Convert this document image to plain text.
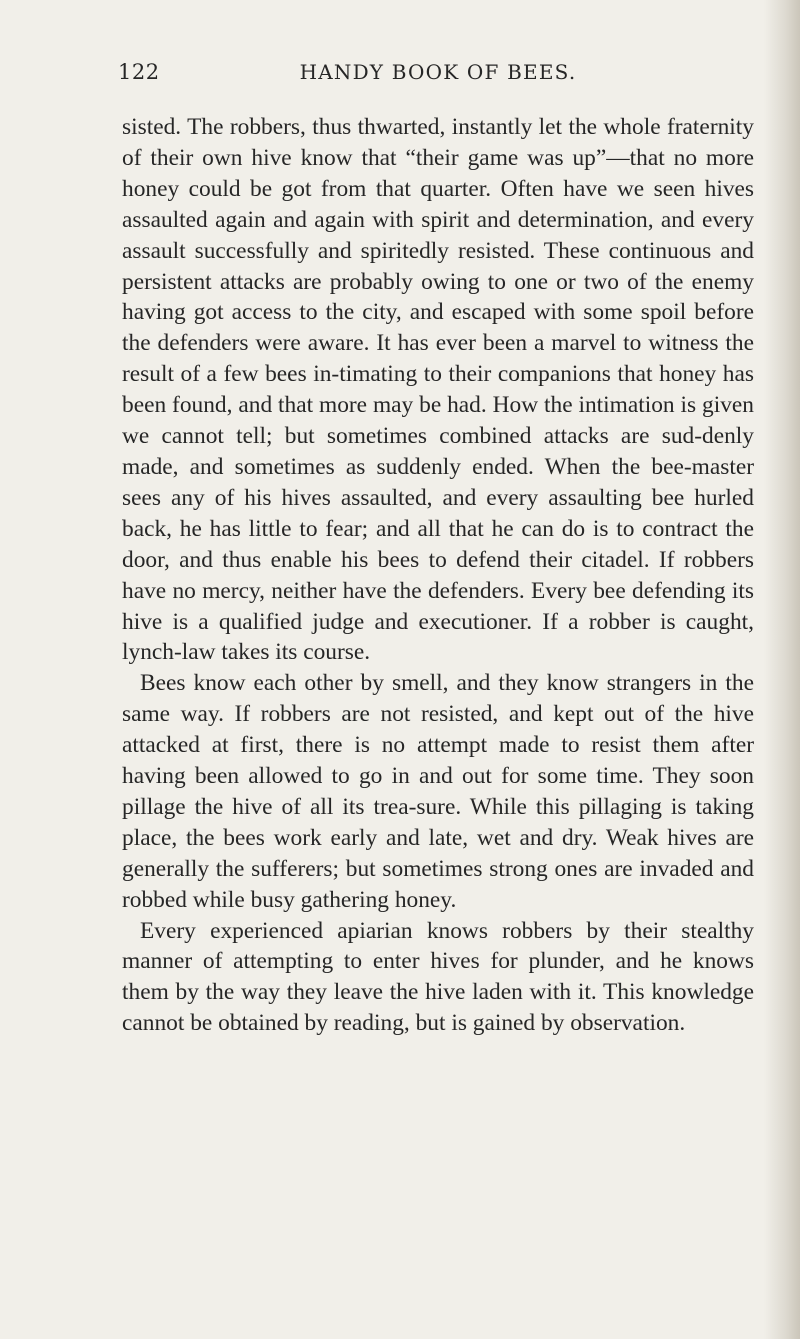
122	HANDY BOOK OF BEES.

sisted. The robbers, thus thwarted, instantly let the whole fraternity of their own hive know that “their game was up”—that no more honey could be got from that quarter. Often have we seen hives assaulted again and again with spirit and determination, and every assault successfully and spiritedly resisted. These continuous and persistent attacks are probably owing to one or two of the enemy having got access to the city, and escaped with some spoil before the defenders were aware. It has ever been a marvel to witness the result of a few bees in-timating to their companions that honey has been found, and that more may be had. How the intimation is given we cannot tell; but sometimes combined attacks are sud-denly made, and sometimes as suddenly ended. When the bee-master sees any of his hives assaulted, and every assaulting bee hurled back, he has little to fear; and all that he can do is to contract the door, and thus enable his bees to defend their citadel. If robbers have no mercy, neither have the defenders. Every bee defending its hive is a qualified judge and executioner. If a robber is caught, lynch-law takes its course.

Bees know each other by smell, and they know strangers in the same way. If robbers are not resisted, and kept out of the hive attacked at first, there is no attempt made to resist them after having been allowed to go in and out for some time. They soon pillage the hive of all its trea-sure. While this pillaging is taking place, the bees work early and late, wet and dry. Weak hives are generally the sufferers; but sometimes strong ones are invaded and robbed while busy gathering honey.

Every experienced apiarian knows robbers by their stealthy manner of attempting to enter hives for plunder, and he knows them by the way they leave the hive laden with it. This knowledge cannot be obtained by reading, but is gained by observation.
